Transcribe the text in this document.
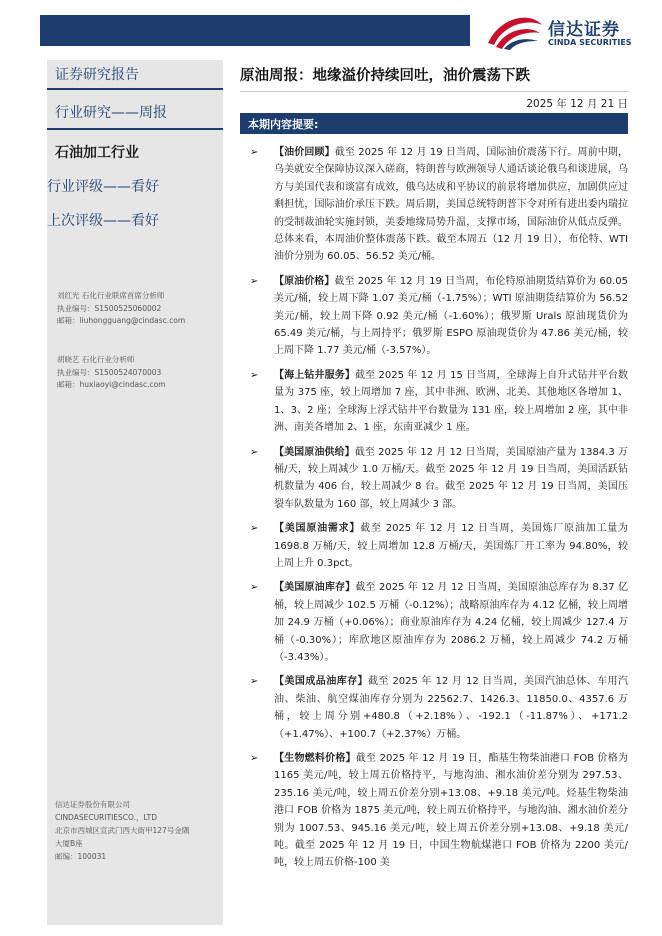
信达证券
CINDA SECURITIES
证券研究报告
行业研究——周报
石油加工行业
行业评级——看好
上次评级——看好
刘红光 石化行业联席首席分析师
执业编号：S1500525060002
邮箱：liuhongguang@cindasc.com
胡晓艺 石化行业分析师
执业编号：S1500524070003
邮箱：huxiaoyi@cindasc.com
信达证券股份有限公司
CINDASECURITIESCO.，LTD
北京市西城区宣武门西大街甲127号金隅
大厦B座
邮编：100031
原油周报：地缘溢价持续回吐，油价震荡下跌
2025 年 12 月 21 日
本期内容提要:
➢ 【油价回顾】截至 2025 年 12 月 19 日当周，国际油价震荡下行。周前中期，乌美就安全保障协议深入磋商，特朗普与欧洲领导人通话谈论俄乌和谈进展，乌方与美国代表和谈富有成效，俄乌达成和平协议的前景将增加供应，加剧供应过剩担忧，国际油价承压下跌。周后期，美国总统特朗普下令对所有进出委内瑞拉的受制裁油轮实施封锁，美委地缘局势升温，支撑市场，国际油价从低点反弹。总体来看，本周油价整体震荡下跌。截至本周五（12 月 19 日），布伦特、WTI 油价分别为 60.05、56.52 美元/桶。
➢ 【原油价格】截至 2025 年 12 月 19 日当周，布伦特原油期货结算价为 60.05 美元/桶，较上周下降 1.07 美元/桶（-1.75%）；WTI 原油期货结算价为 56.52 美元/桶，较上周下降 0.92 美元/桶（-1.60%）；俄罗斯 Urals 原油现货价为 65.49 美元/桶，与上周持平；俄罗斯 ESPO 原油现货价为 47.86 美元/桶，较上周下降 1.77 美元/桶（-3.57%）。
➢ 【海上钻井服务】截至 2025 年 12 月 15 日当周，全球海上自升式钻井平台数量为 375 座，较上周增加 7 座，其中非洲、欧洲、北美、其他地区各增加 1、1、3、2 座；全球海上浮式钻井平台数量为 131 座，较上周增加 2 座，其中非洲、南美各增加 2、1 座，东南亚减少 1 座。
➢ 【美国原油供给】截至 2025 年 12 月 12 日当周，美国原油产量为 1384.3 万桶/天，较上周减少 1.0 万桶/天。截至 2025 年 12 月 19 日当周，美国活跃钻机数量为 406 台，较上周减少 8 台。截至 2025 年 12 月 19 日当周，美国压裂车队数量为 160 部，较上周减少 3 部。
➢ 【美国原油需求】截至 2025 年 12 月 12 日当周，美国炼厂原油加工量为 1698.8 万桶/天，较上周增加 12.8 万桶/天，美国炼厂开工率为 94.80%，较上周上升 0.3pct。
➢ 【美国原油库存】截至 2025 年 12 月 12 日当周，美国原油总库存为 8.37 亿桶，较上周减少 102.5 万桶（-0.12%）；战略原油库存为 4.12 亿桶，较上周增加 24.9 万桶（+0.06%）；商业原油库存为 4.24 亿桶，较上周减少 127.4 万桶（-0.30%）；库欣地区原油库存为 2086.2 万桶，较上周减少 74.2 万桶（-3.43%）。
➢ 【美国成品油库存】截至 2025 年 12 月 12 日当周，美国汽油总体、车用汽油、柴油、航空煤油库存分别为 22562.7、1426.3、11850.0、4357.6 万桶，较上周分别+480.8（+2.18%）、-192.1（-11.87%）、+171.2（+1.47%）、+100.7（+2.37%）万桶。
➢ 【生物燃料价格】截至 2025 年 12 月 19 日，酯基生物柴油港口 FOB 价格为 1165 美元/吨，较上周五价格持平，与地沟油、湘水油价差分别为 297.53、235.16 美元/吨，较上周五价差分别+13.08、+9.18 美元/吨。烃基生物柴油港口 FOB 价格为 1875 美元/吨，较上周五价格持平，与地沟油、湘水油价差分别为 1007.53、945.16 美元/吨，较上周五价差分别+13.08、+9.18 美元/吨。截至 2025 年 12 月 19 日，中国生物航煤港口 FOB 价格为 2200 美元/吨，较上周五价格-100 美
